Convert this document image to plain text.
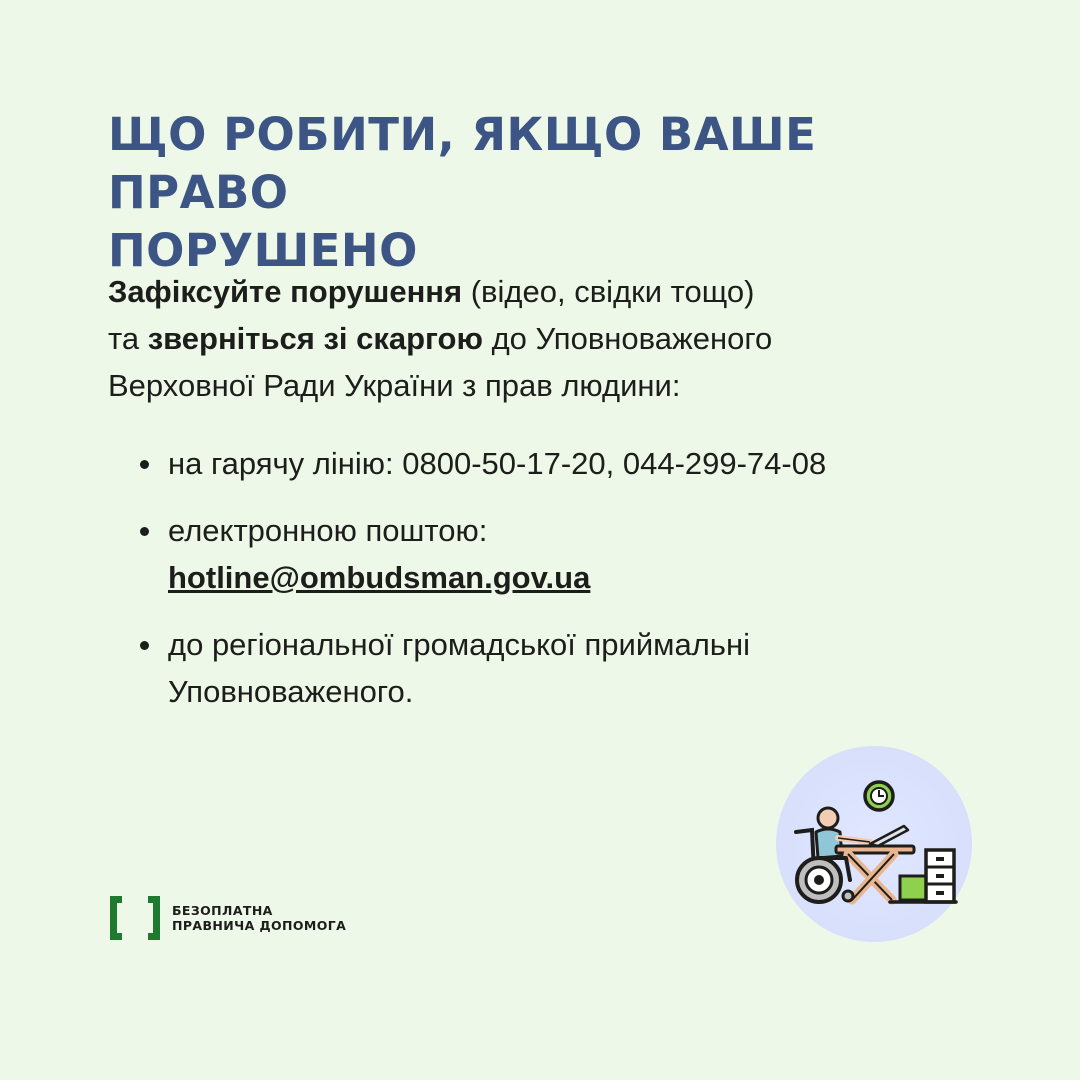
ЩО РОБИТИ, ЯКЩО ВАШЕ ПРАВО
ПОРУШЕНО

Зафіксуйте порушення (відео, свідки тощо)
та зверніться зі скаргою до Уповноваженого
Верховної Ради України з прав людини:

на гарячу лінію: 0800-50-17-20, 044-299-74-08
електронною поштою:
hotline@ombudsman.gov.ua
до регіональної громадської приймальні
Уповноваженого.
БЕЗОПЛАТНА
ПРАВНИЧА ДОПОМОГА
